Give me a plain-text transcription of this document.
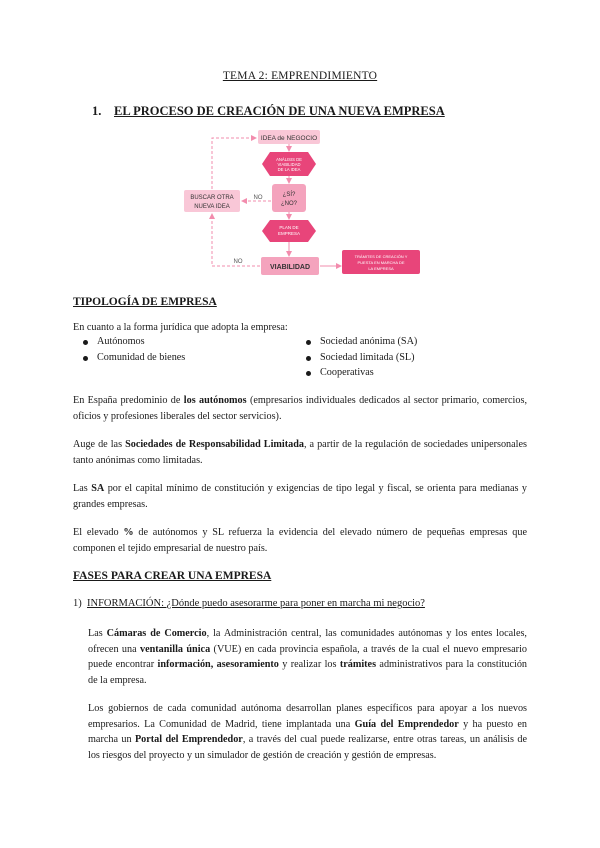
TEMA 2: EMPRENDIMIENTO
1. EL PROCESO DE CREACIÓN DE UNA NUEVA EMPRESA
IDEA de NEGOCIO
ANÁLISIS DE
VIABILIDAD
DE LA IDEA
¿SÍ?
¿NO?
BUSCAR OTRA
NUEVA IDEA
NO
PLAN DE
EMPRESA
VIABILIDAD
NO
TRÁMITES DE CREACIÓN Y
PUESTA EN MARCHA DE
LA EMPRESA
TIPOLOGÍA DE EMPRESA
En cuanto a la forma jurídica que adopta la empresa:
Autónomos
Comunidad de bienes
Sociedad anónima (SA)
Sociedad limitada (SL)
Cooperativas
En España predominio de los autónomos (empresarios individuales dedicados al sector primario, comercios, oficios y profesiones liberales del sector servicios).
Auge de las Sociedades de Responsabilidad Limitada, a partir de la regulación de sociedades unipersonales tanto anónimas como limitadas.
Las SA por el capital mínimo de constitución y exigencias de tipo legal y fiscal, se orienta para medianas y grandes empresas.
El elevado % de autónomos y SL refuerza la evidencia del elevado número de pequeñas empresas que componen el tejido empresarial de nuestro país.
FASES PARA CREAR UNA EMPRESA
1) INFORMACIÓN: ¿Dónde puedo asesorarme para poner en marcha mi negocio?
Las Cámaras de Comercio, la Administración central, las comunidades autónomas y los entes locales, ofrecen una ventanilla única (VUE) en cada provincia española, a través de la cual el nuevo empresario puede encontrar información, asesoramiento y realizar los trámites administrativos para la constitución de la empresa.
Los gobiernos de cada comunidad autónoma desarrollan planes específicos para apoyar a los nuevos empresarios. La Comunidad de Madrid, tiene implantada una Guía del Emprendedor y ha puesto en marcha un Portal del Emprendedor, a través del cual puede realizarse, entre otras tareas, un análisis de los riesgos del proyecto y un simulador de gestión de creación y gestión de empresas.
